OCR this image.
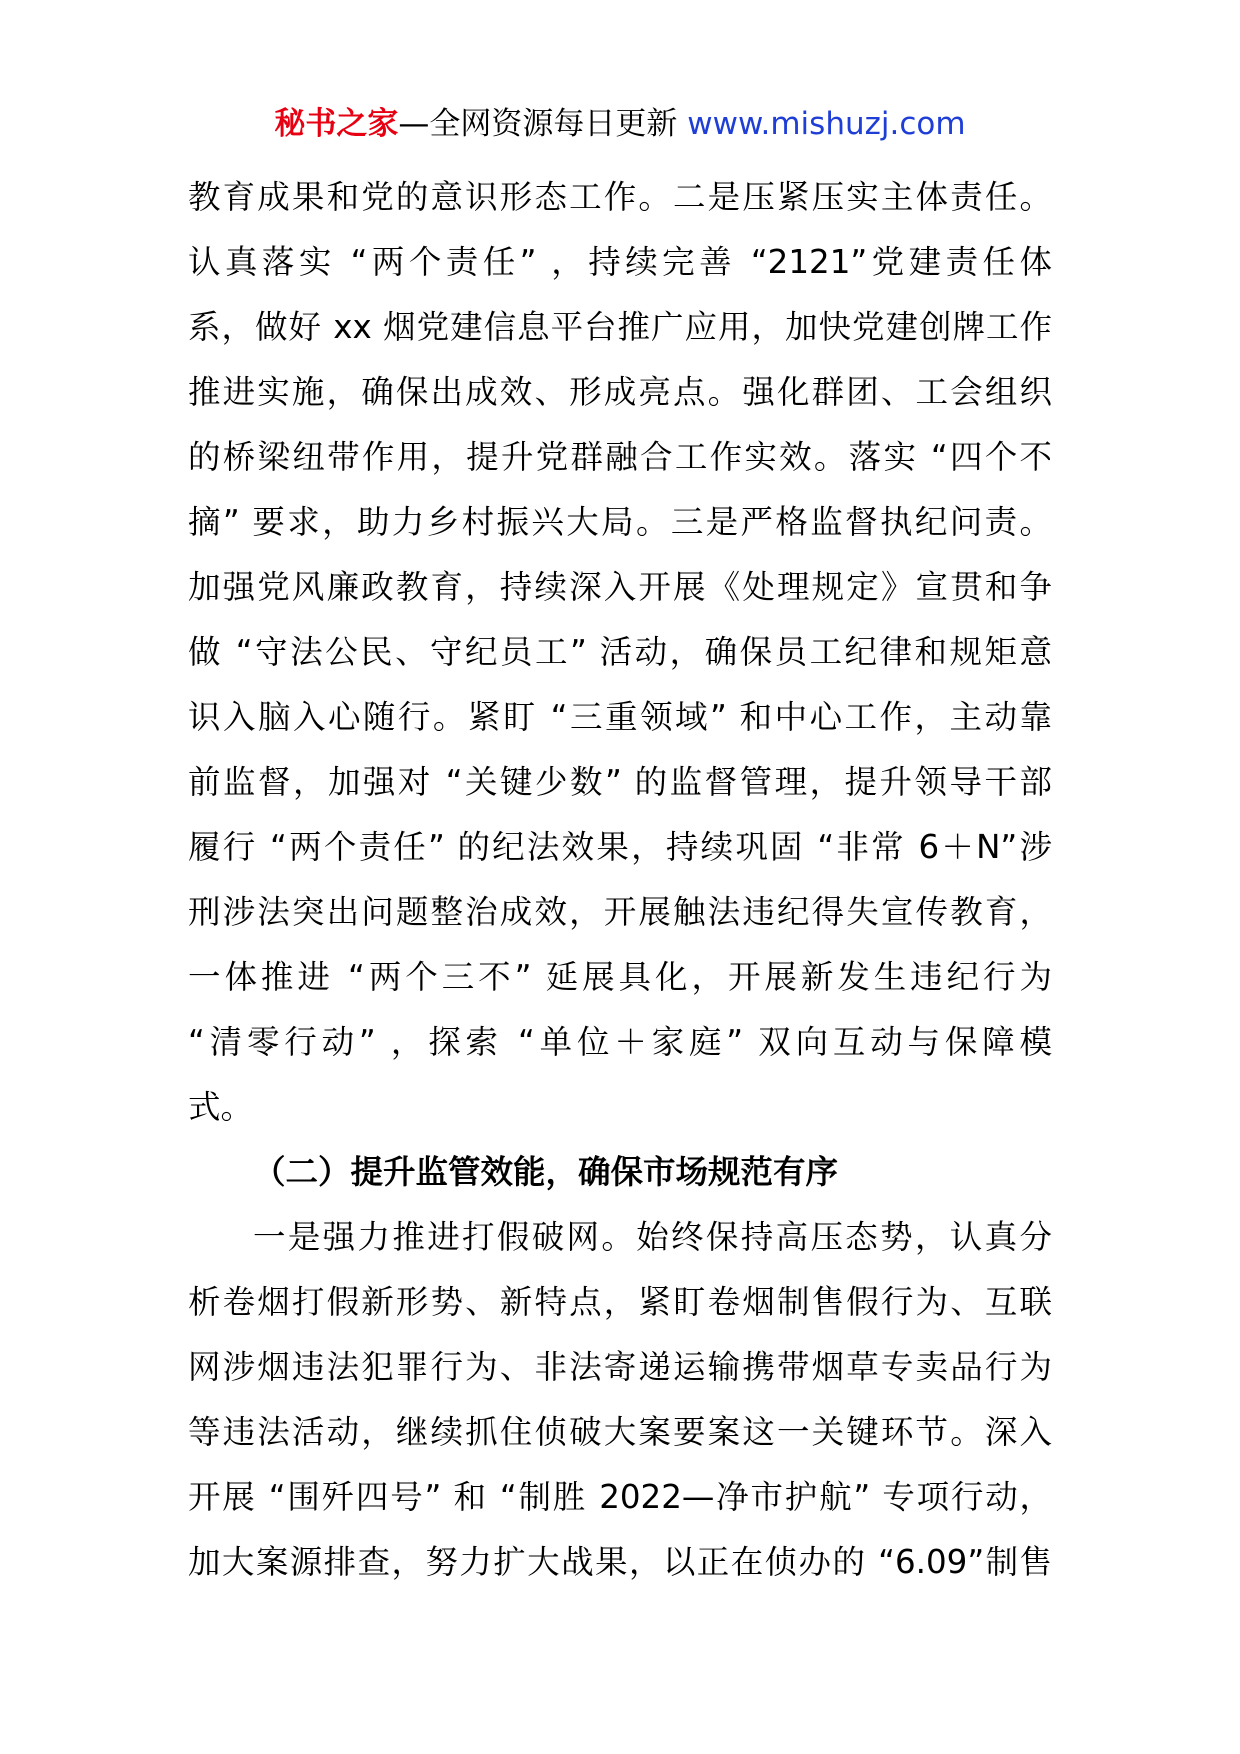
秘书之家—全网资源每日更新 www.mishuzj.com
教育成果和党的意识形态工作。二是压紧压实主体责任。
认真落实 “两个责任” ，持续完善 “2121”党建责任体
系，做好 xx 烟党建信息平台推广应用，加快党建创牌工作
推进实施，确保出成效、形成亮点。强化群团、工会组织
的桥梁纽带作用，提升党群融合工作实效。落实 “四个不
摘” 要求，助力乡村振兴大局。三是严格监督执纪问责。
加强党风廉政教育，持续深入开展《处理规定》宣贯和争
做 “守法公民、守纪员工” 活动，确保员工纪律和规矩意
识入脑入心随行。紧盯 “三重领域” 和中心工作，主动靠
前监督，加强对 “关键少数” 的监督管理，提升领导干部
履行 “两个责任” 的纪法效果，持续巩固 “非常 6＋N”涉
刑涉法突出问题整治成效，开展触法违纪得失宣传教育，
一体推进 “两个三不” 延展具化，开展新发生违纪行为
“清零行动” ，探索 “单位＋家庭” 双向互动与保障模
式。
（二）提升监管效能，确保市场规范有序
一是强力推进打假破网。始终保持高压态势，认真分
析卷烟打假新形势、新特点，紧盯卷烟制售假行为、互联
网涉烟违法犯罪行为、非法寄递运输携带烟草专卖品行为
等违法活动，继续抓住侦破大案要案这一关键环节。深入
开展 “围歼四号” 和 “制胜 2022—净市护航” 专项行动，
加大案源排查，努力扩大战果，以正在侦办的 “6.09”制售
